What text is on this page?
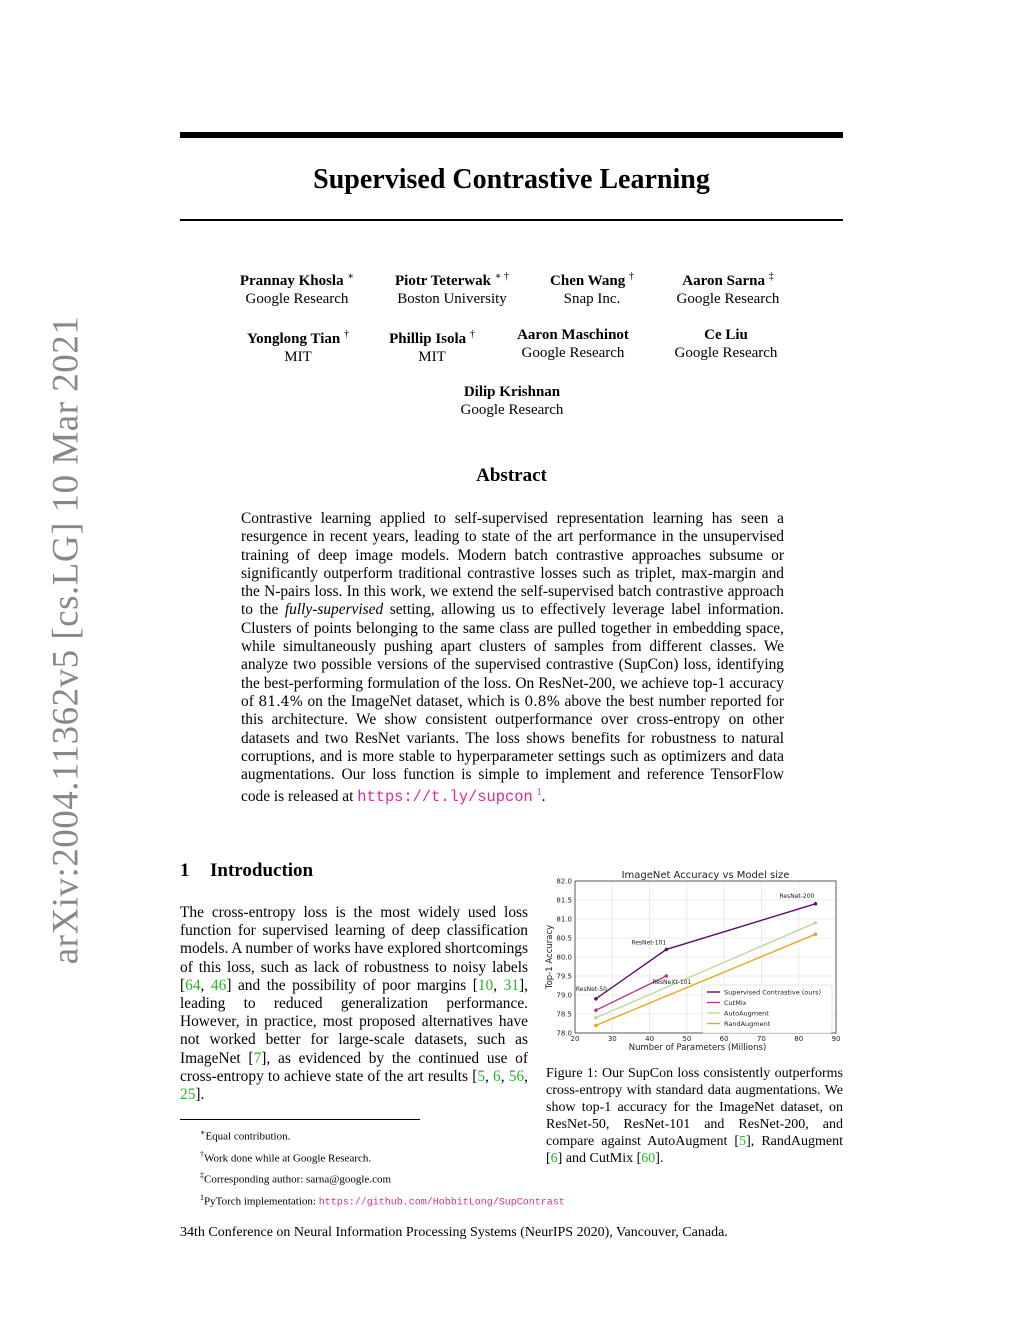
arXiv:2004.11362v5 [cs.LG] 10 Mar 2021
Supervised Contrastive Learning
Prannay Khosla ∗
Google Research
Piotr Teterwak ∗ †
Boston University
Chen Wang †
Snap Inc.
Aaron Sarna ‡
Google Research
Yonglong Tian †
MIT
Phillip Isola †
MIT
Aaron Maschinot
Google Research
Ce Liu
Google Research
Dilip Krishnan
Google Research
Abstract
Contrastive learning applied to self-supervised representation learning has seen a resurgence in recent years, leading to state of the art performance in the unsupervised training of deep image models. Modern batch contrastive approaches subsume or significantly outperform traditional contrastive losses such as triplet, max-margin and the N-pairs loss. In this work, we extend the self-supervised batch contrastive approach to the fully-supervised setting, allowing us to effectively leverage label information. Clusters of points belonging to the same class are pulled together in embedding space, while simultaneously pushing apart clusters of samples from different classes. We analyze two possible versions of the supervised contrastive (SupCon) loss, identifying the best-performing formulation of the loss. On ResNet-200, we achieve top-1 accuracy of 81.4% on the ImageNet dataset, which is 0.8% above the best number reported for this architecture. We show consistent outperformance over cross-entropy on other datasets and two ResNet variants. The loss shows benefits for robustness to natural corruptions, and is more stable to hyperparameter settings such as optimizers and data augmentations. Our loss function is simple to implement and reference TensorFlow code is released at https://t.ly/supcon $^1$.
1 Introduction
The cross-entropy loss is the most widely used loss function for supervised learning of deep classification models. A number of works have explored shortcomings of this loss, such as lack of robustness to noisy labels [64, 46] and the possibility of poor margins [10, 31], leading to reduced generalization performance. However, in practice, most proposed alternatives have not worked better for large-scale datasets, such as ImageNet [7], as evidenced by the continued use of cross-entropy to achieve state of the art results [5, 6, 56, 25].
20	30	40	50	60	70	80	90
78.0
78.5
79.0
79.5
80.0
80.5
81.0
81.5
82.0
ImageNet Accuracy vs Model size
Number of Parameters (Millions)
Top-1 Accuracy
ResNet-50
ResNet-101
ResNeXt-101
ResNet-200
Supervised Contrastive (ours)
CutMix
AutoAugment
RandAugment
Figure 1: Our SupCon loss consistently outperforms cross-entropy with standard data augmentations. We show top-1 accuracy for the ImageNet dataset, on ResNet-50, ResNet-101 and ResNet-200, and compare against AutoAugment [5], RandAugment [6] and CutMix [60].
∗Equal contribution.
†Work done while at Google Research.
‡Corresponding author: sarna@google.com
$^1$PyTorch implementation: https://github.com/HobbitLong/SupContrast
34th Conference on Neural Information Processing Systems (NeurIPS 2020), Vancouver, Canada.
